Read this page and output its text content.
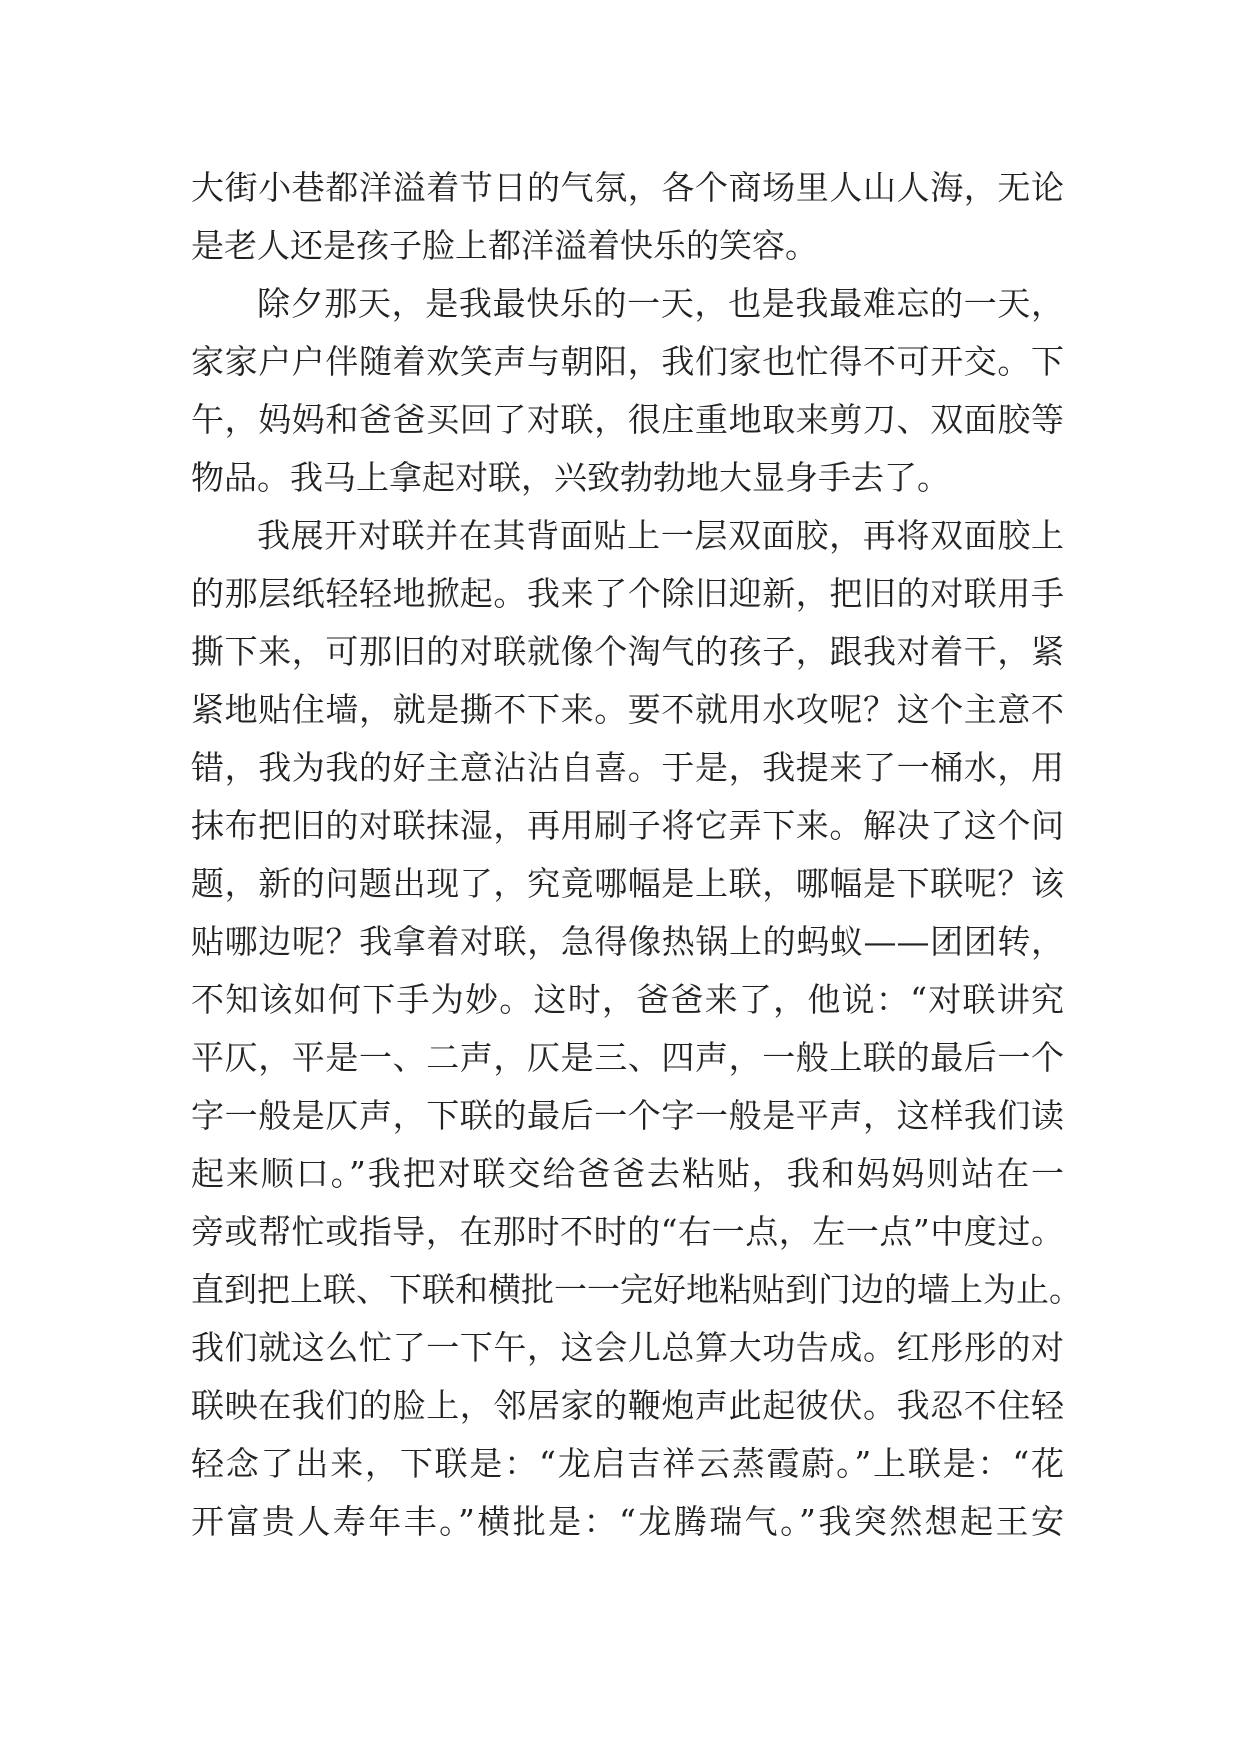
大街小巷都洋溢着节日的气氛，各个商场里人山人海，无论
是老人还是孩子脸上都洋溢着快乐的笑容。
除夕那天，是我最快乐的一天，也是我最难忘的一天，
家家户户伴随着欢笑声与朝阳，我们家也忙得不可开交。下
午，妈妈和爸爸买回了对联，很庄重地取来剪刀、双面胶等
物品。我马上拿起对联，兴致勃勃地大显身手去了。
我展开对联并在其背面贴上一层双面胶，再将双面胶上
的那层纸轻轻地掀起。我来了个除旧迎新，把旧的对联用手
撕下来，可那旧的对联就像个淘气的孩子，跟我对着干，紧
紧地贴住墙，就是撕不下来。要不就用水攻呢？这个主意不
错，我为我的好主意沾沾自喜。于是，我提来了一桶水，用
抹布把旧的对联抹湿，再用刷子将它弄下来。解决了这个问
题，新的问题出现了，究竟哪幅是上联，哪幅是下联呢？该
贴哪边呢？我拿着对联，急得像热锅上的蚂蚁——团团转，
不知该如何下手为妙。这时，爸爸来了，他说：“对联讲究
平仄，平是一、二声，仄是三、四声，一般上联的最后一个
字一般是仄声，下联的最后一个字一般是平声，这样我们读
起来顺口。”我把对联交给爸爸去粘贴，我和妈妈则站在一
旁或帮忙或指导，在那时不时的“右一点，左一点”中度过。
直到把上联、下联和横批一一完好地粘贴到门边的墙上为止。
我们就这么忙了一下午，这会儿总算大功告成。红彤彤的对
联映在我们的脸上，邻居家的鞭炮声此起彼伏。我忍不住轻
轻念了出来，下联是：“龙启吉祥云蒸霞蔚。”上联是：“花
开富贵人寿年丰。”横批是：“龙腾瑞气。”我突然想起王安
